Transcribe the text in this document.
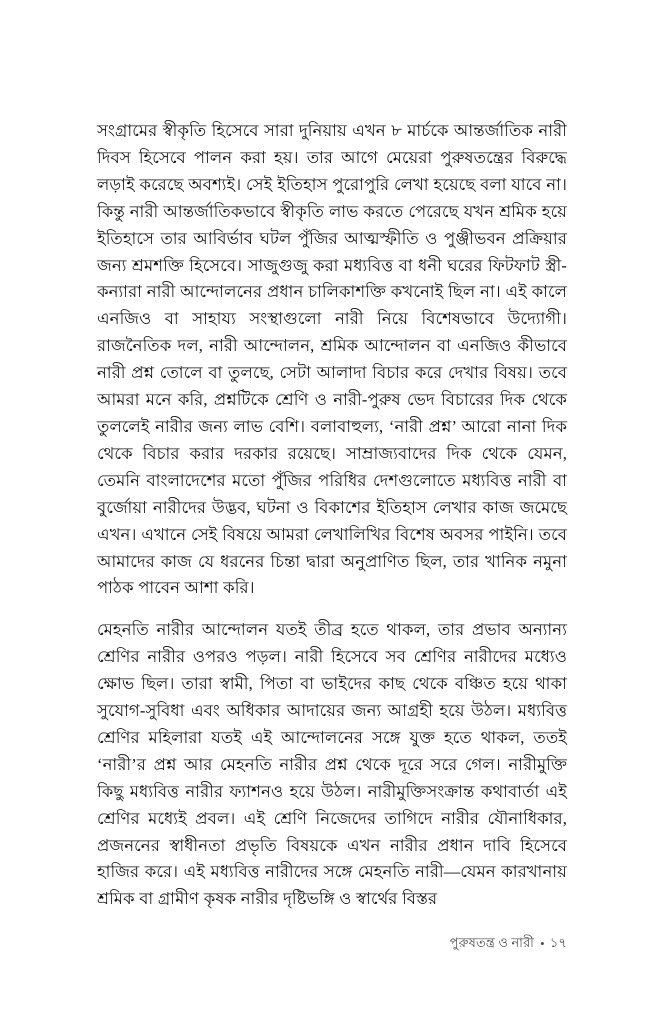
সংগ্রামের স্বীকৃতি হিসেবে সারা দুনিয়ায় এখন ৮ মার্চকে আন্তর্জাতিক নারী দিবস হিসেবে পালন করা হয়। তার আগে মেয়েরা পুরুষতন্ত্রের বিরুদ্ধে লড়াই করেছে অবশ্যই। সেই ইতিহাস পুরোপুরি লেখা হয়েছে বলা যাবে না। কিন্তু নারী আন্তর্জাতিকভাবে স্বীকৃতি লাভ করতে পেরেছে যখন শ্রমিক হয়ে ইতিহাসে তার আবির্ভাব ঘটল পুঁজির আত্মস্ফীতি ও পুঞ্জীভবন প্রক্রিয়ার জন্য শ্রমশক্তি হিসেবে। সাজুগুজু করা মধ্যবিত্ত বা ধনী ঘরের ফিটফাট স্ত্রী-কন্যারা নারী আন্দোলনের প্রধান চালিকাশক্তি কখনোই ছিল না। এই কালে এনজিও বা সাহায্য সংস্থাগুলো নারী নিয়ে বিশেষভাবে উদ্যোগী। রাজনৈতিক দল, নারী আন্দোলন, শ্রমিক আন্দোলন বা এনজিও কীভাবে নারী প্রশ্ন তোলে বা তুলছে, সেটা আলাদা বিচার করে দেখার বিষয়। তবে আমরা মনে করি, প্রশ্নটিকে শ্রেণি ও নারী-পুরুষ ভেদ বিচারের দিক থেকে তুললেই নারীর জন্য লাভ বেশি। বলাবাহুল্য, ‘নারী প্রশ্ন’ আরো নানা দিক থেকে বিচার করার দরকার রয়েছে। সাম্রাজ্যবাদের দিক থেকে যেমন, তেমনি বাংলাদেশের মতো পুঁজির পরিধির দেশগুলোতে মধ্যবিত্ত নারী বা বুর্জোয়া নারীদের উদ্ভব, ঘটনা ও বিকাশের ইতিহাস লেখার কাজ জমেছে এখন। এখানে সেই বিষয়ে আমরা লেখালিখির বিশেষ অবসর পাইনি। তবে আমাদের কাজ যে ধরনের চিন্তা দ্বারা অনুপ্রাণিত ছিল, তার খানিক নমুনা পাঠক পাবেন আশা করি।

মেহনতি নারীর আন্দোলন যতই তীব্র হতে থাকল, তার প্রভাব অন্যান্য শ্রেণির নারীর ওপরও পড়ল। নারী হিসেবে সব শ্রেণির নারীদের মধ্যেও ক্ষোভ ছিল। তারা স্বামী, পিতা বা ভাইদের কাছ থেকে বঞ্চিত হয়ে থাকা সুযোগ-সুবিধা এবং অধিকার আদায়ের জন্য আগ্রহী হয়ে উঠল। মধ্যবিত্ত শ্রেণির মহিলারা যতই এই আন্দোলনের সঙ্গে যুক্ত হতে থাকল, ততই ‘নারী’র প্রশ্ন আর মেহনতি নারীর প্রশ্ন থেকে দূরে সরে গেল। নারীমুক্তি কিছু মধ্যবিত্ত নারীর ফ্যাশনও হয়ে উঠল। নারীমুক্তিসংক্রান্ত কথাবার্তা এই শ্রেণির মধ্যেই প্রবল। এই শ্রেণি নিজেদের তাগিদে নারীর যৌনাধিকার, প্রজননের স্বাধীনতা প্রভৃতি বিষয়কে এখন নারীর প্রধান দাবি হিসেবে হাজির করে। এই মধ্যবিত্ত নারীদের সঙ্গে মেহনতি নারী—যেমন কারখানায় শ্রমিক বা গ্রামীণ কৃষক নারীর দৃষ্টিভঙ্গি ও স্বার্থের বিস্তর

পুরুষতন্ত্র ও নারী • ১৭
